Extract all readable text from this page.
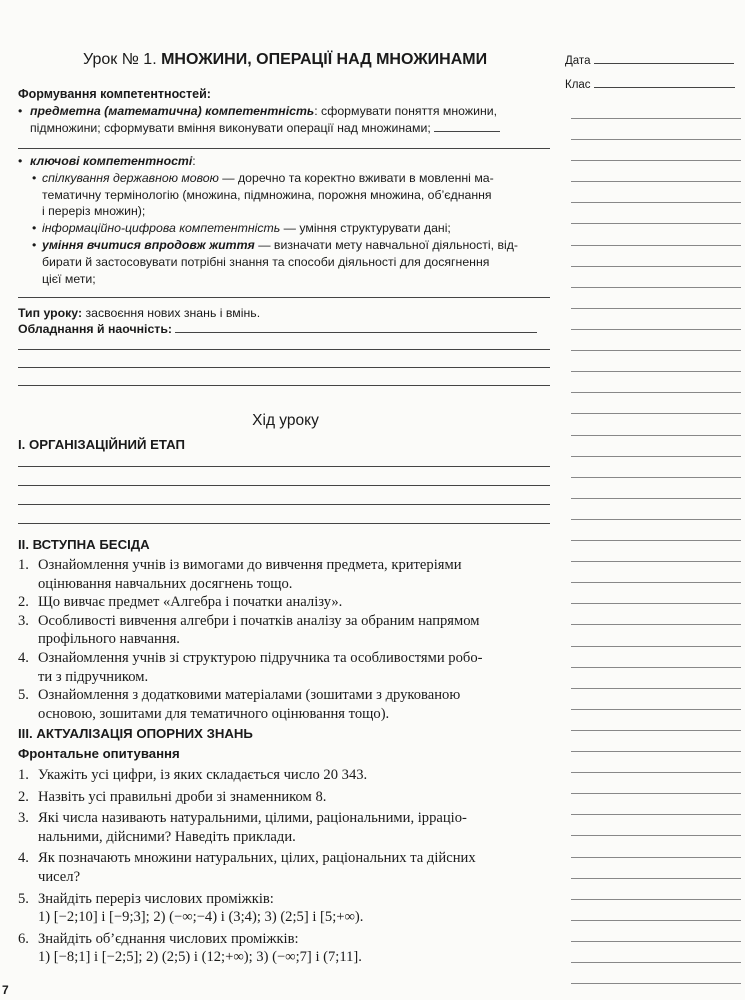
Урок № 1. МНОЖИНИ, ОПЕРАЦІЇ НАД МНОЖИНАМИ
Формування компетентностей:
• предметна (математична) компетентність: сформувати поняття множини,
підмножини; сформувати вміння виконувати операції над множинами;
• ключові компетентності:
• спілкування державною мовою — доречно та коректно вживати в мовленні ма-
тематичну термінологію (множина, підмножина, порожня множина, об’єднання
і переріз множин);
• інформаційно-цифрова компетентність — уміння структурувати дані;
• уміння вчитися впродовж життя — визначати мету навчальної діяльності, від-
бирати й застосовувати потрібні знання та способи діяльності для досягнення
цієї мети;
Тип уроку: засвоєння нових знань і вмінь.
Обладнання й наочність:
Хід уроку
I. ОРГАНІЗАЦІЙНИЙ ЕТАП
II. ВСТУПНА БЕСІДА
1. Ознайомлення учнів із вимогами до вивчення предмета, критеріями
оцінювання навчальних досягнень тощо.
2. Що вивчає предмет «Алгебра і початки аналізу».
3. Особливості вивчення алгебри і початків аналізу за обраним напрямом
профільного навчання.
4. Ознайомлення учнів зі структурою підручника та особливостями робо-
ти з підручником.
5. Ознайомлення з додатковими матеріалами (зошитами з друкованою
основою, зошитами для тематичного оцінювання тощо).
III. АКТУАЛІЗАЦІЯ ОПОРНИХ ЗНАНЬ
Фронтальне опитування
1. Укажіть усі цифри, із яких складається число 20 343.
2. Назвіть усі правильні дроби зі знаменником 8.
3. Які числа називають натуральними, цілими, раціональними, ірраціо-
нальними, дійсними? Наведіть приклади.
4. Як позначають множини натуральних, цілих, раціональних та дійсних
чисел?
5. Знайдіть переріз числових проміжків:
1) [−2;10] і [−9;3]; 2) (−∞;−4) і (3;4); 3) (2;5] і [5;+∞).
6. Знайдіть об’єднання числових проміжків:
1) [−8;1] і [−2;5]; 2) (2;5) і (12;+∞); 3) (−∞;7] і (7;11].
Дата
Клас
7
